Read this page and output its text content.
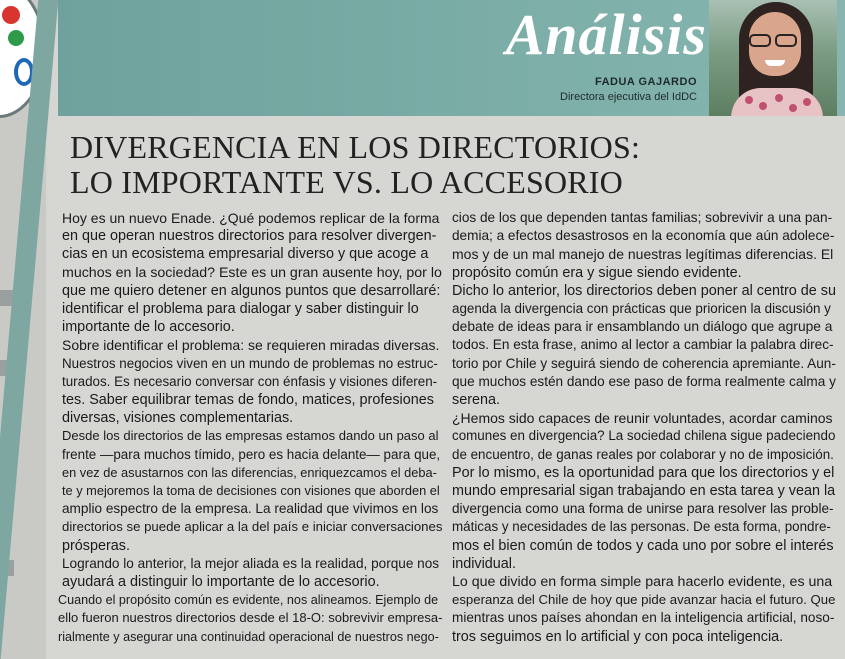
Análisis
FADUA GAJARDO
Directora ejecutiva del IdDC
DIVERGENCIA EN LOS DIRECTORIOS:
LO IMPORTANTE VS. LO ACCESORIO
Hoy es un nuevo Enade. ¿Qué podemos replicar de la forma
en que operan nuestros directorios para resolver divergen-
cias en un ecosistema empresarial diverso y que acoge a
muchos en la sociedad? Este es un gran ausente hoy, por lo
que me quiero detener en algunos puntos que desarrollaré:
identificar el problema para dialogar y saber distinguir lo
importante de lo accesorio.
Sobre identificar el problema: se requieren miradas diversas.
Nuestros negocios viven en un mundo de problemas no estruc-
turados. Es necesario conversar con énfasis y visiones diferen-
tes. Saber equilibrar temas de fondo, matices, profesiones
diversas, visiones complementarias.
Desde los directorios de las empresas estamos dando un paso al
frente —para muchos tímido, pero es hacia delante— para que,
en vez de asustarnos con las diferencias, enriquezcamos el deba-
te y mejoremos la toma de decisiones con visiones que aborden el
amplio espectro de la empresa. La realidad que vivimos en los
directorios se puede aplicar a la del país e iniciar conversaciones
prósperas.
Logrando lo anterior, la mejor aliada es la realidad, porque nos
ayudará a distinguir lo importante de lo accesorio.
Cuando el propósito común es evidente, nos alineamos. Ejemplo de
ello fueron nuestros directorios desde el 18-O: sobrevivir empresa-
rialmente y asegurar una continuidad operacional de nuestros nego-
cios de los que dependen tantas familias; sobrevivir a una pan-
demia; a efectos desastrosos en la economía que aún adolece-
mos y de un mal manejo de nuestras legítimas diferencias. El
propósito común era y sigue siendo evidente.
Dicho lo anterior, los directorios deben poner al centro de su
agenda la divergencia con prácticas que prioricen la discusión y
debate de ideas para ir ensamblando un diálogo que agrupe a
todos. En esta frase, animo al lector a cambiar la palabra direc-
torio por Chile y seguirá siendo de coherencia apremiante. Aun-
que muchos estén dando ese paso de forma realmente calma y
serena.
¿Hemos sido capaces de reunir voluntades, acordar caminos
comunes en divergencia? La sociedad chilena sigue padeciendo
de encuentro, de ganas reales por colaborar y no de imposición.
Por lo mismo, es la oportunidad para que los directorios y el
mundo empresarial sigan trabajando en esta tarea y vean la
divergencia como una forma de unirse para resolver las proble-
máticas y necesidades de las personas. De esta forma, pondre-
mos el bien común de todos y cada uno por sobre el interés
individual.
Lo que divido en forma simple para hacerlo evidente, es una
esperanza del Chile de hoy que pide avanzar hacia el futuro. Que
mientras unos países ahondan en la inteligencia artificial, noso-
tros seguimos en lo artificial y con poca inteligencia.
